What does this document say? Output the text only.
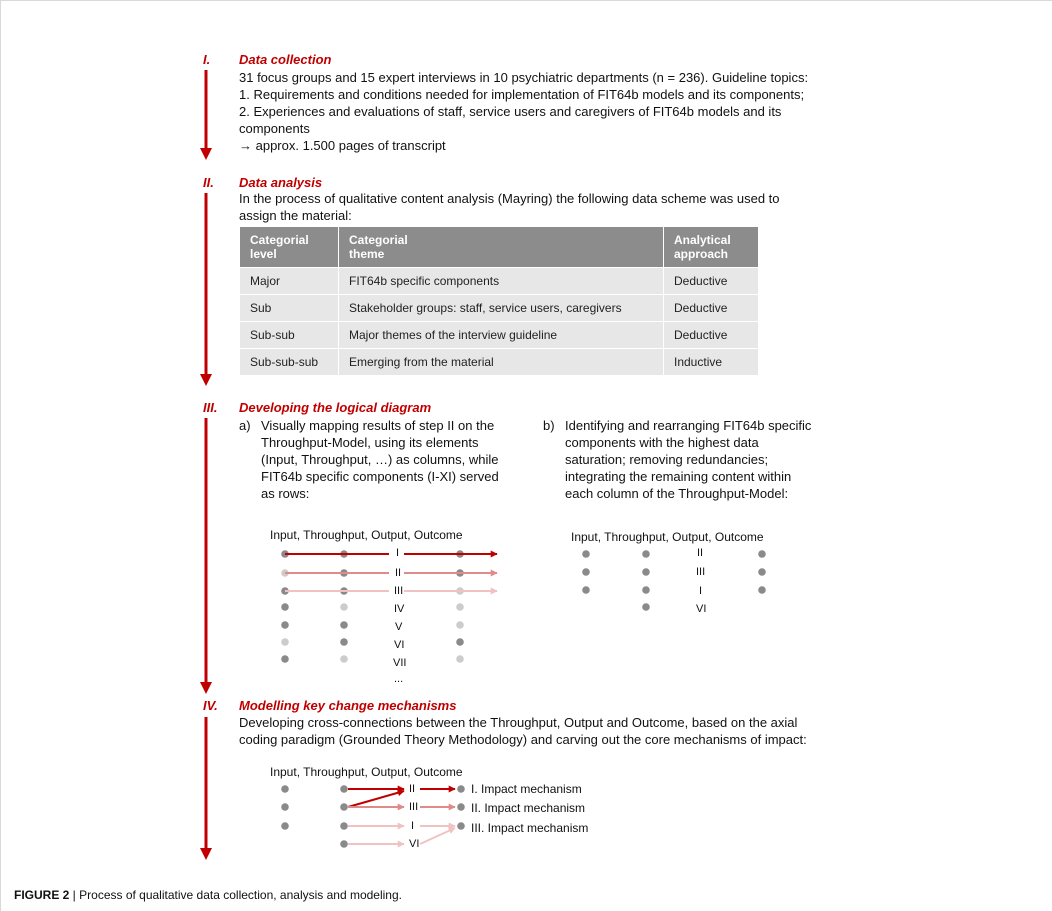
I. Data collection
31 focus groups and 15 expert interviews in 10 psychiatric departments (n = 236). Guideline topics:
1. Requirements and conditions needed for implementation of FIT64b models and its components;
2. Experiences and evaluations of staff, service users and caregivers of FIT64b models and its
components
→ approx. 1.500 pages of transcript
II. Data analysis
In the process of qualitative content analysis (Mayring) the following data scheme was used to
assign the material:
Categorial
level	Categorial
theme	Analytical
approach
Major	FIT64b specific components	Deductive
Sub	Stakeholder groups: staff, service users, caregivers	Deductive
Sub-sub	Major themes of the interview guideline	Deductive
Sub-sub-sub	Emerging from the material	Inductive
III. Developing the logical diagram
a) Visually mapping results of step II on the
Throughput-Model, using its elements
(Input, Throughput, …) as columns, while
FIT64b specific components (I-XI) served
as rows:
b) Identifying and rearranging FIT64b specific
components with the highest data
saturation; removing redundancies;
integrating the remaining content within
each column of the Throughput-Model:
Input, Throughput, Output, Outcome	Input, Throughput, Output, Outcome
I
II
III
IV
V
VI
VII
...
II
III
I
VI
IV. Modelling key change mechanisms
Developing cross-connections between the Throughput, Output and Outcome, based on the axial
coding paradigm (Grounded Theory Methodology) and carving out the core mechanisms of impact:
Input, Throughput, Output, Outcome
II
III
I
VI
I. Impact mechanism
II. Impact mechanism
III. Impact mechanism
FIGURE 2 | Process of qualitative data collection, analysis and modeling.
